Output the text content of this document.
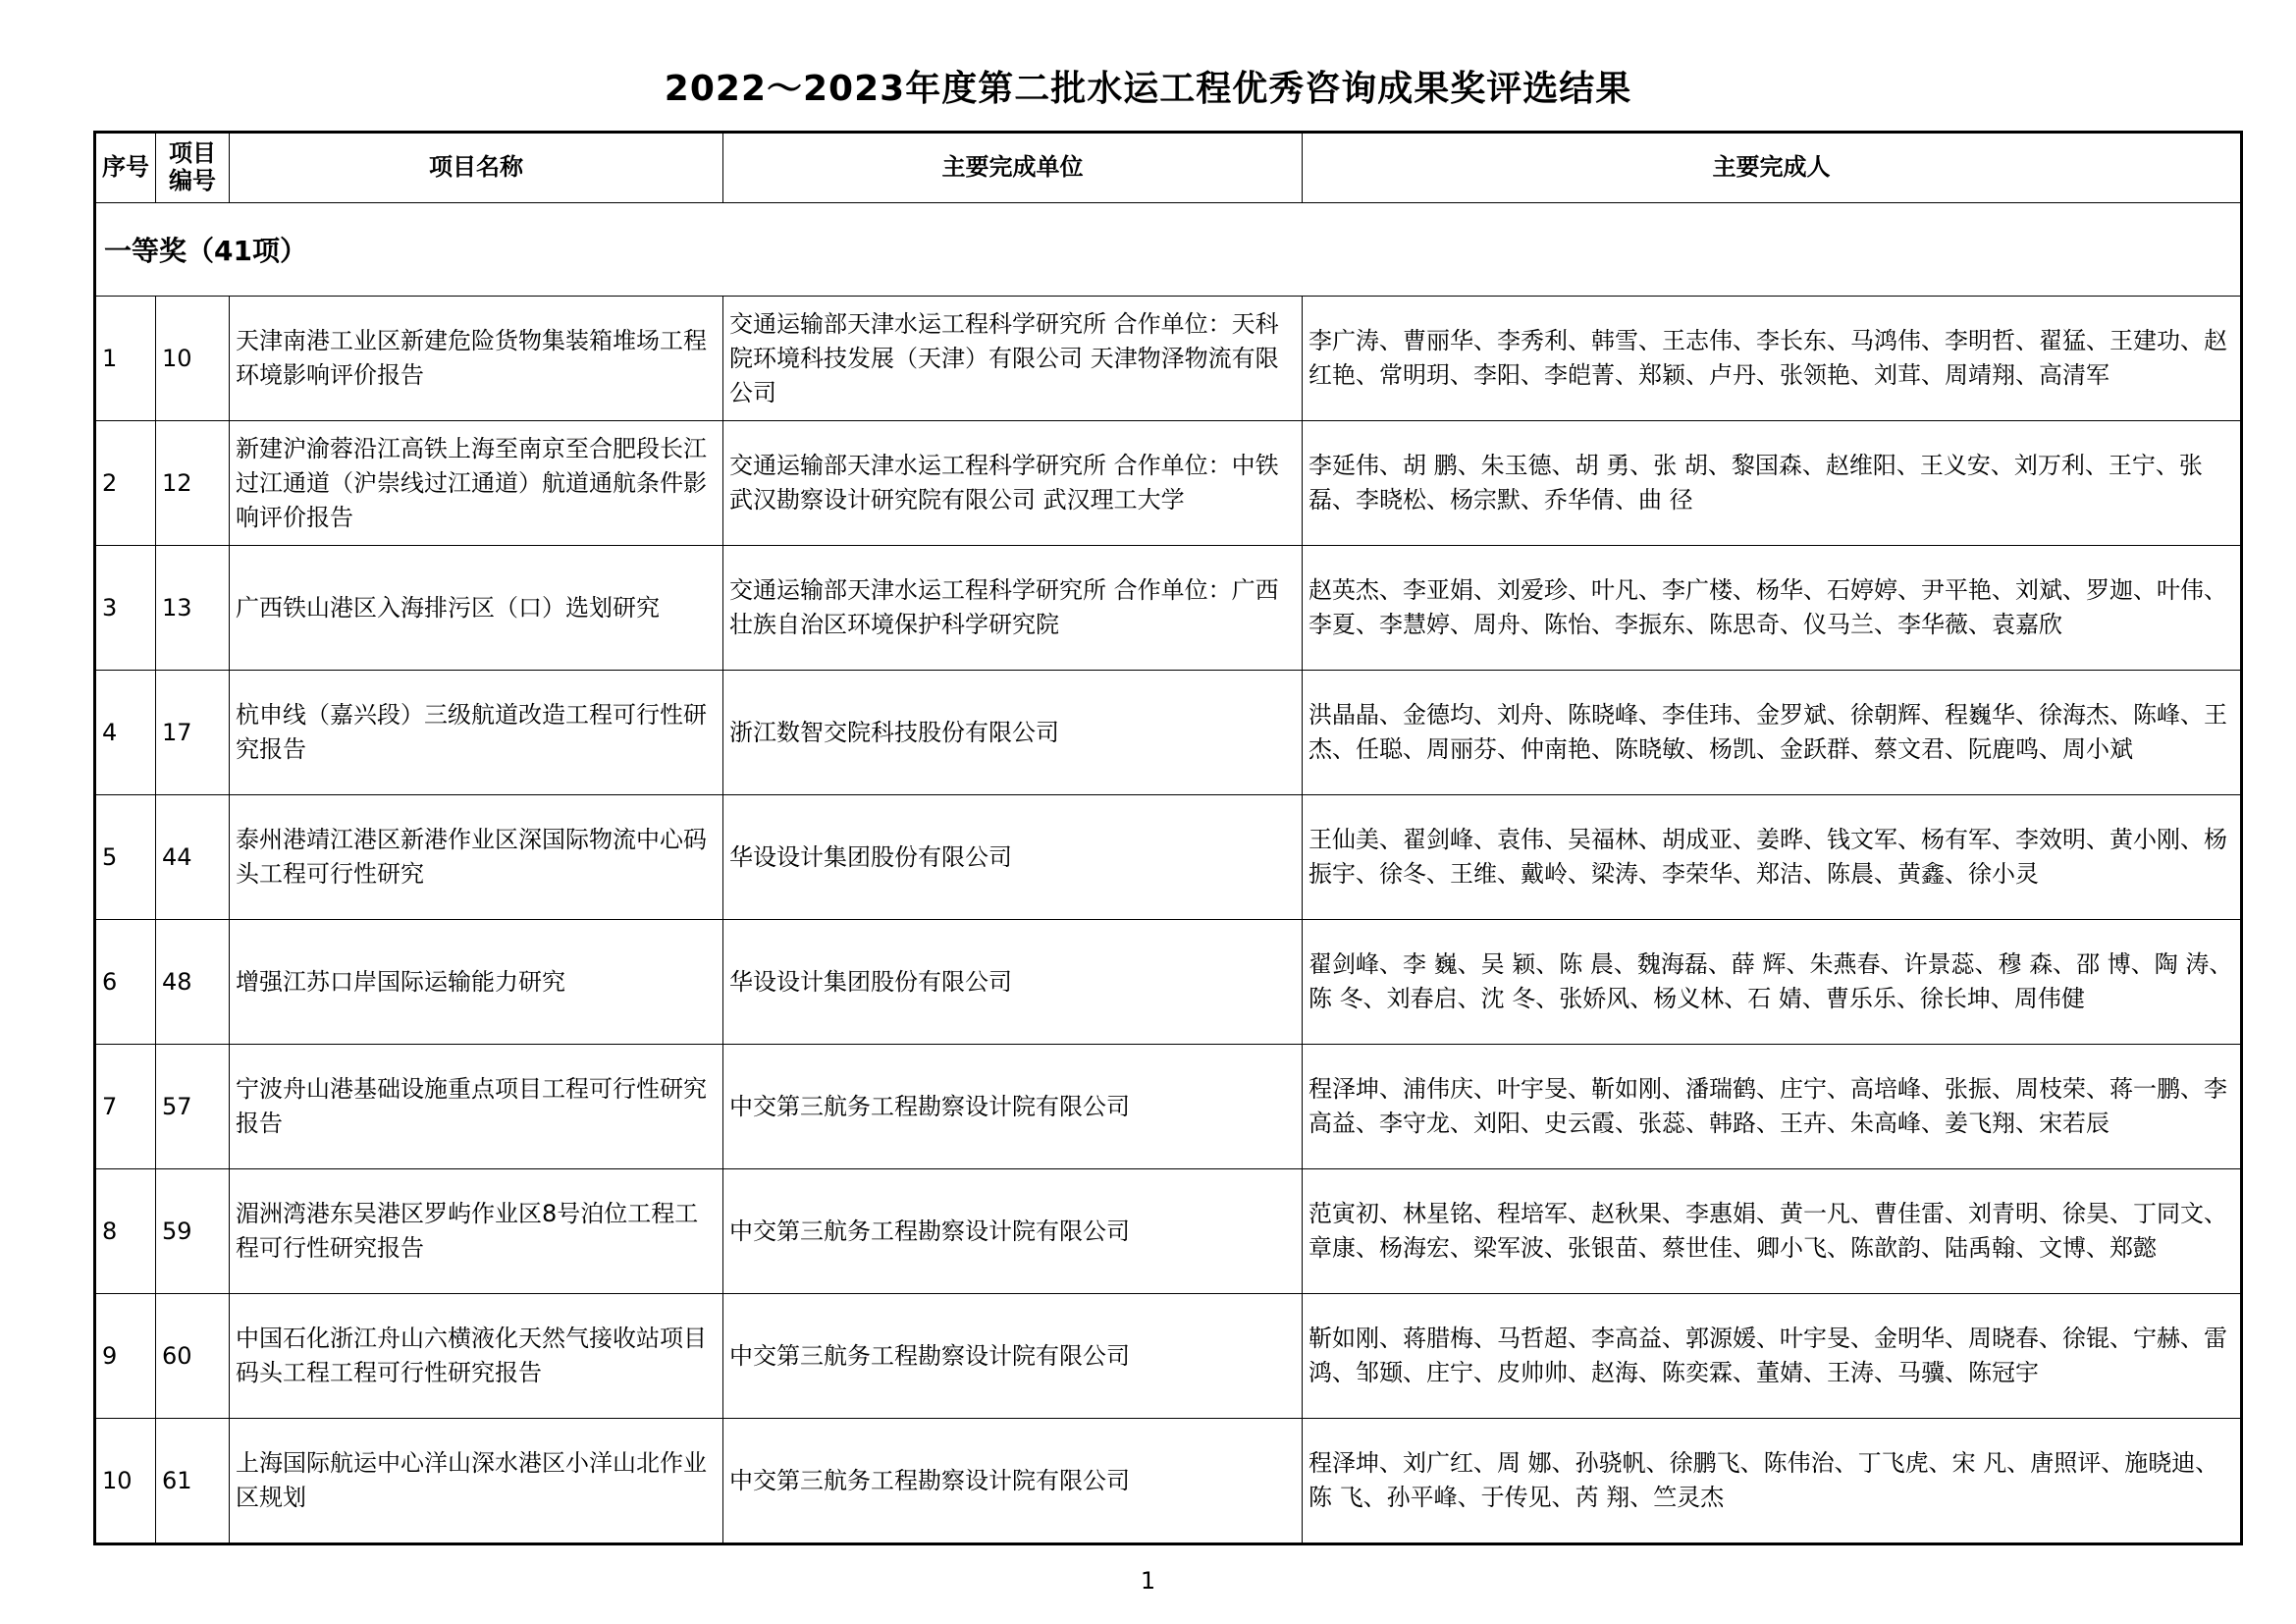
2022～2023年度第二批水运工程优秀咨询成果奖评选结果
序号	项目编号	项目名称	主要完成单位	主要完成人
一等奖（41项）				
1	10	天津南港工业区新建危险货物集装箱堆场工程环境影响评价报告	交通运输部天津水运工程科学研究所 合作单位：天科院环境科技发展（天津）有限公司 天津物泽物流有限公司	李广涛、曹丽华、李秀利、韩雪、王志伟、李长东、马鸿伟、李明哲、翟猛、王建功、赵红艳、常明玥、李阳、李皑菁、郑颖、卢丹、张领艳、刘茸、周靖翔、高清军
2	12	新建沪渝蓉沿江高铁上海至南京至合肥段长江过江通道（沪崇线过江通道）航道通航条件影响评价报告	交通运输部天津水运工程科学研究所 合作单位：中铁武汉勘察设计研究院有限公司 武汉理工大学	李延伟、胡 鹏、朱玉德、胡 勇、张 胡、黎国森、赵维阳、王义安、刘万利、王宁、张磊、李晓松、杨宗默、乔华倩、曲 径
3	13	广西铁山港区入海排污区（口）选划研究	交通运输部天津水运工程科学研究所 合作单位：广西壮族自治区环境保护科学研究院	赵英杰、李亚娟、刘爱珍、叶凡、李广楼、杨华、石婷婷、尹平艳、刘斌、罗迦、叶伟、李夏、李慧婷、周舟、陈怡、李振东、陈思奇、仪马兰、李华薇、袁嘉欣
4	17	杭申线（嘉兴段）三级航道改造工程可行性研究报告	浙江数智交院科技股份有限公司	洪晶晶、金德均、刘舟、陈晓峰、李佳玮、金罗斌、徐朝辉、程巍华、徐海杰、陈峰、王杰、任聪、周丽芬、仲南艳、陈晓敏、杨凯、金跃群、蔡文君、阮鹿鸣、周小斌
5	44	泰州港靖江港区新港作业区深国际物流中心码头工程可行性研究	华设设计集团股份有限公司	王仙美、翟剑峰、袁伟、吴福林、胡成亚、姜晔、钱文军、杨有军、李效明、黄小刚、杨振宇、徐冬、王维、戴岭、梁涛、李荣华、郑洁、陈晨、黄鑫、徐小灵
6	48	增强江苏口岸国际运输能力研究	华设设计集团股份有限公司	翟剑峰、李 巍、吴 颖、陈 晨、魏海磊、薛 辉、朱燕春、许景蕊、穆 森、邵 博、陶 涛、陈 冬、刘春启、沈 冬、张娇风、杨义林、石 婧、曹乐乐、徐长坤、周伟健
7	57	宁波舟山港基础设施重点项目工程可行性研究报告	中交第三航务工程勘察设计院有限公司	程泽坤、浦伟庆、叶宇旻、靳如刚、潘瑞鹤、庄宁、高培峰、张振、周枝荣、蒋一鹏、李高益、李守龙、刘阳、史云霞、张蕊、韩路、王卉、朱高峰、姜飞翔、宋若辰
8	59	湄洲湾港东吴港区罗屿作业区8号泊位工程工程可行性研究报告	中交第三航务工程勘察设计院有限公司	范寅初、林星铭、程培军、赵秋果、李惠娟、黄一凡、曹佳雷、刘青明、徐昊、丁同文、章康、杨海宏、梁军波、张银苗、蔡世佳、卿小飞、陈歆韵、陆禹翰、文博、郑懿
9	60	中国石化浙江舟山六横液化天然气接收站项目码头工程工程可行性研究报告	中交第三航务工程勘察设计院有限公司	靳如刚、蒋腊梅、马哲超、李高益、郭源媛、叶宇旻、金明华、周晓春、徐锟、宁赫、雷鸿、邹颋、庄宁、皮帅帅、赵海、陈奕霖、董婧、王涛、马骥、陈冠宇
10	61	上海国际航运中心洋山深水港区小洋山北作业区规划	中交第三航务工程勘察设计院有限公司	程泽坤、刘广红、周 娜、孙骁帆、徐鹏飞、陈伟治、丁飞虎、宋 凡、唐照评、施晓迪、陈 飞、孙平峰、于传见、芮 翔、竺灵杰
1
